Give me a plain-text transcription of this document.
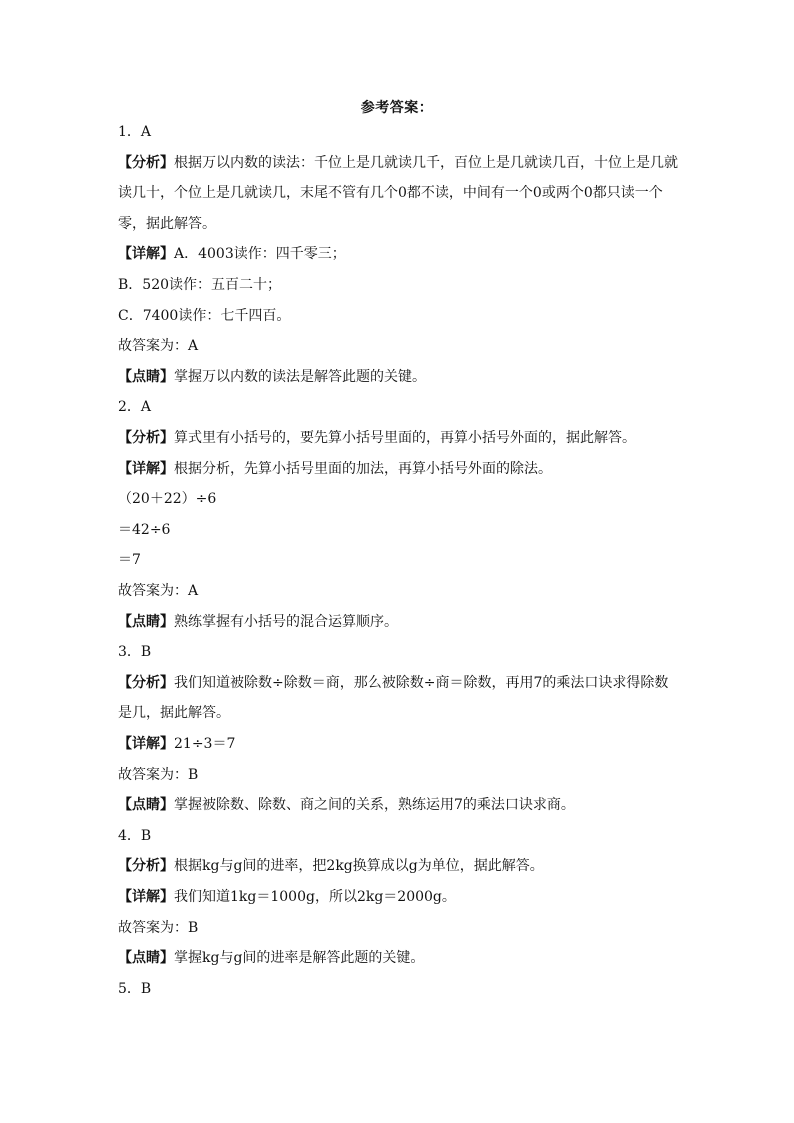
参考答案：
1．A
【分析】根据万以内数的读法：千位上是几就读几千，百位上是几就读几百，十位上是几就
读几十，个位上是几就读几，末尾不管有几个0都不读，中间有一个0或两个0都只读一个
零，据此解答。
【详解】A．4003读作：四千零三；
B．520读作：五百二十；
C．7400读作：七千四百。
故答案为：A
【点睛】掌握万以内数的读法是解答此题的关键。
2．A
【分析】算式里有小括号的，要先算小括号里面的，再算小括号外面的，据此解答。
【详解】根据分析，先算小括号里面的加法，再算小括号外面的除法。
（20＋22）÷6
＝42÷6
＝7
故答案为：A
【点睛】熟练掌握有小括号的混合运算顺序。
3．B
【分析】我们知道被除数÷除数＝商，那么被除数÷商＝除数，再用7的乘法口诀求得除数
是几，据此解答。
【详解】21÷3＝7
故答案为：B
【点睛】掌握被除数、除数、商之间的关系，熟练运用7的乘法口诀求商。
4．B
【分析】根据kg与g间的进率，把2kg换算成以g为单位，据此解答。
【详解】我们知道1kg＝1000g，所以2kg＝2000g。
故答案为：B
【点睛】掌握kg与g间的进率是解答此题的关键。
5．B
